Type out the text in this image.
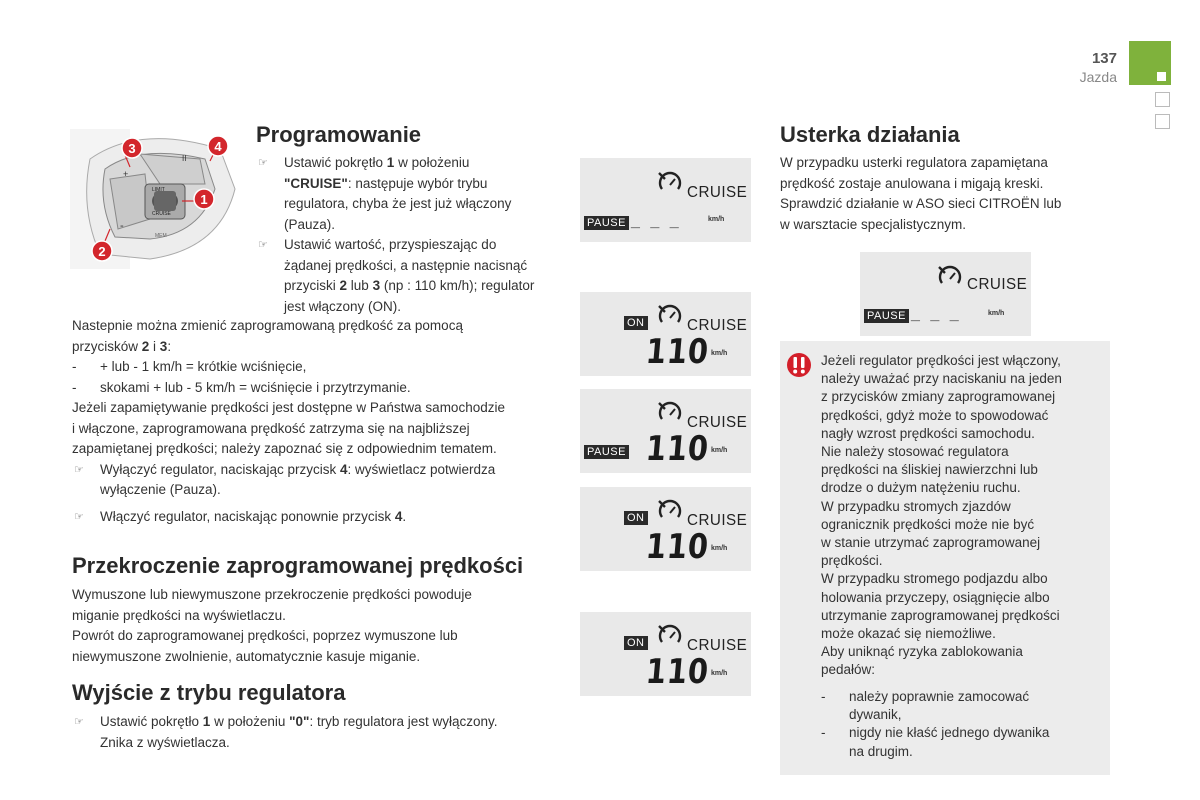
137
Jazda
LIMIT
CRUISE
+
-
II
MEM
3	4
1
2
Programowanie
☞ Ustawić pokrętło 1 w położeniu
"CRUISE": następuje wybór trybu
regulatora, chyba że jest już włączony
(Pauza).
☞ Ustawić wartość, przyspieszając do
żądanej prędkości, a następnie nacisnąć
przyciski 2 lub 3 (np : 110 km/h); regulator
jest włączony (ON).
Nastepnie można zmienić zaprogramowaną prędkość za pomocą
przycisków 2 i 3:
- + lub - 1 km/h = krótkie wciśnięcie,
- skokami + lub - 5 km/h = wciśnięcie i przytrzymanie.
Jeżeli zapamiętywanie prędkości jest dostępne w Państwa samochodzie
i włączone, zaprogramowana prędkość zatrzyma się na najbliższej
zapamiętanej prędkości; należy zapoznać się z odpowiednim tematem.
☞ Wyłączyć regulator, naciskając przycisk 4: wyświetlacz potwierdza
wyłączenie (Pauza).
☞ Włączyć regulator, naciskając ponownie przycisk 4.
Przekroczenie zaprogramowanej prędkości
Wymuszone lub niewymuszone przekroczenie prędkości powoduje
miganie prędkości na wyświetlaczu.
Powrót do zaprogramowanej prędkości, poprzez wymuszone lub
niewymuszone zwolnienie, automatycznie kasuje miganie.
Wyjście z trybu regulatora
☞ Ustawić pokrętło 1 w położeniu "0": tryb regulatora jest wyłączony.
Znika z wyświetlacza.
CRUISE
PAUSE _ _ _	km/h
ON	CRUISE
110 km/h
CRUISE
PAUSE 110 km/h
ON	CRUISE
110 km/h
ON	CRUISE
110 km/h
Usterka działania
W przypadku usterki regulatora zapamiętana
prędkość zostaje anulowana i migają kreski.
Sprawdzić działanie w ASO sieci CITROËN lub
w warsztacie specjalistycznym.
CRUISE
PAUSE _ _ _	km/h
Jeżeli regulator prędkości jest włączony,
należy uważać przy naciskaniu na jeden
z przycisków zmiany zaprogramowanej
prędkości, gdyż może to spowodować
nagły wzrost prędkości samochodu.
Nie należy stosować regulatora
prędkości na śliskiej nawierzchni lub
drodze o dużym natężeniu ruchu.
W przypadku stromych zjazdów
ogranicznik prędkości może nie być
w stanie utrzymać zaprogramowanej
prędkości.
W przypadku stromego podjazdu albo
holowania przyczepy, osiągnięcie albo
utrzymanie zaprogramowanej prędkości
może okazać się niemożliwe.
Aby uniknąć ryzyka zablokowania
pedałów:
- należy poprawnie zamocować
dywanik,
- nigdy nie kłaść jednego dywanika
na drugim.
